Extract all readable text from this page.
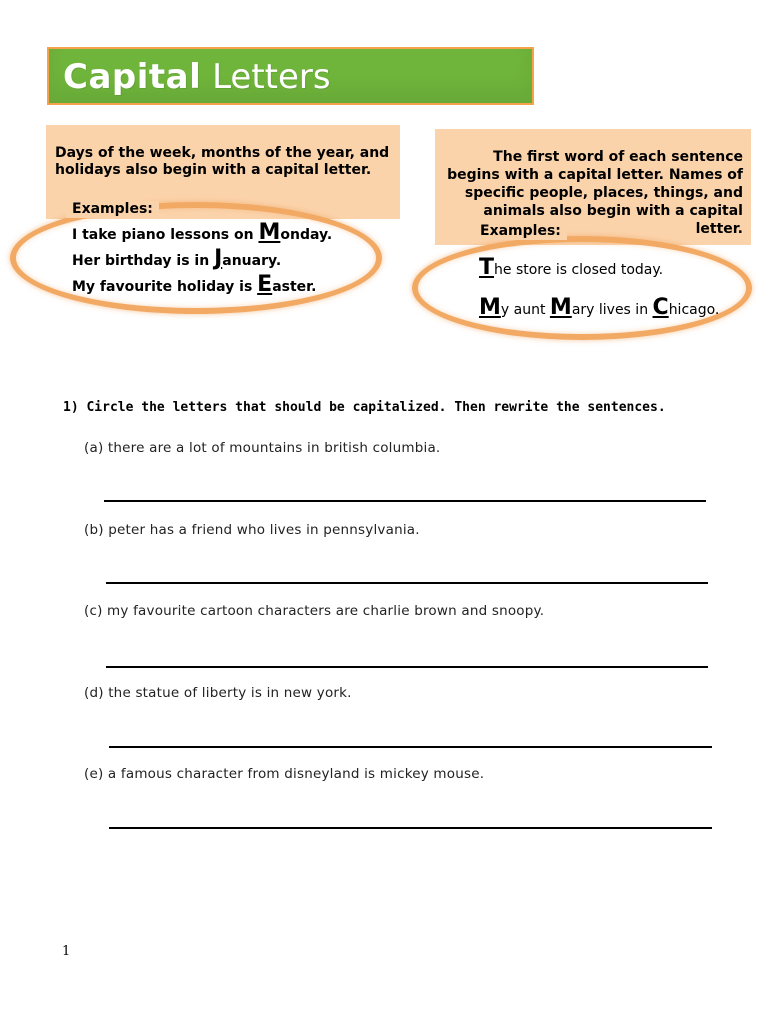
Capital Letters
Days of the week, months of the year, and holidays also begin with a capital letter.
Examples:
I take piano lessons on Monday.
Her birthday is in January.
My favourite holiday is Easter.
The first word of each sentence begins with a capital letter. Names of specific people, places, things, and animals also begin with a capital letter.
Examples:
The store is closed today.
My aunt Mary lives in Chicago.
1) Circle the letters that should be capitalized. Then rewrite the sentences.
(a) there are a lot of mountains in british columbia.
(b) peter has a friend who lives in pennsylvania.
(c) my favourite cartoon characters are charlie brown and snoopy.
(d) the statue of liberty is in new york.
(e) a famous character from disneyland is mickey mouse.
1
